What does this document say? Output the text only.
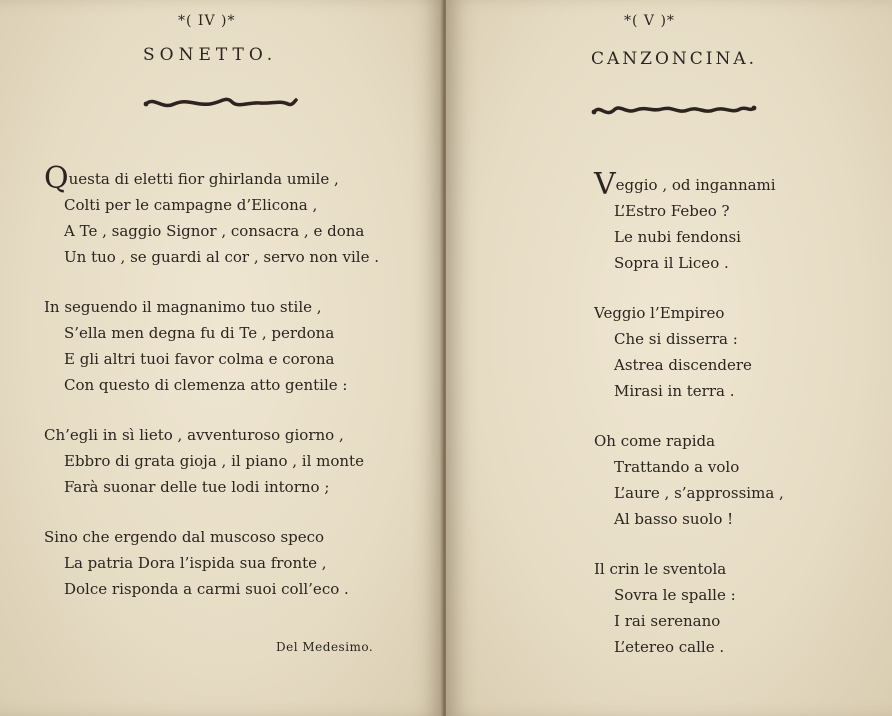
*( IV )*
SONETTO.
Questa di eletti fior ghirlanda umile ,
Colti per le campagne d’Elicona ,
A Te , saggio Signor , consacra , e dona
Un tuo , se guardi al cor , servo non vile .
In seguendo il magnanimo tuo stile ,
S’ella men degna fu di Te , perdona
E gli altri tuoi favor colma e corona
Con questo di clemenza atto gentile :
Ch’egli in sì lieto , avventuroso giorno ,
Ebbro di grata gioja , il piano , il monte
Farà suonar delle tue lodi intorno ;
Sino che ergendo dal muscoso speco
La patria Dora l’ispida sua fronte ,
Dolce risponda a carmi suoi coll’eco .
Del Medesimo.
*( V )*
CANZONCINA.
Veggio , od ingannami
L’Estro Febeo ?
Le nubi fendonsi
Sopra il Liceo .
Veggio l’Empireo
Che si disserra :
Astrea discendere
Mirasi in terra .
Oh come rapida
Trattando a volo
L’aure , s’approssima ,
Al basso suolo !
Il crin le sventola
Sovra le spalle :
I rai serenano
L’etereo calle .
